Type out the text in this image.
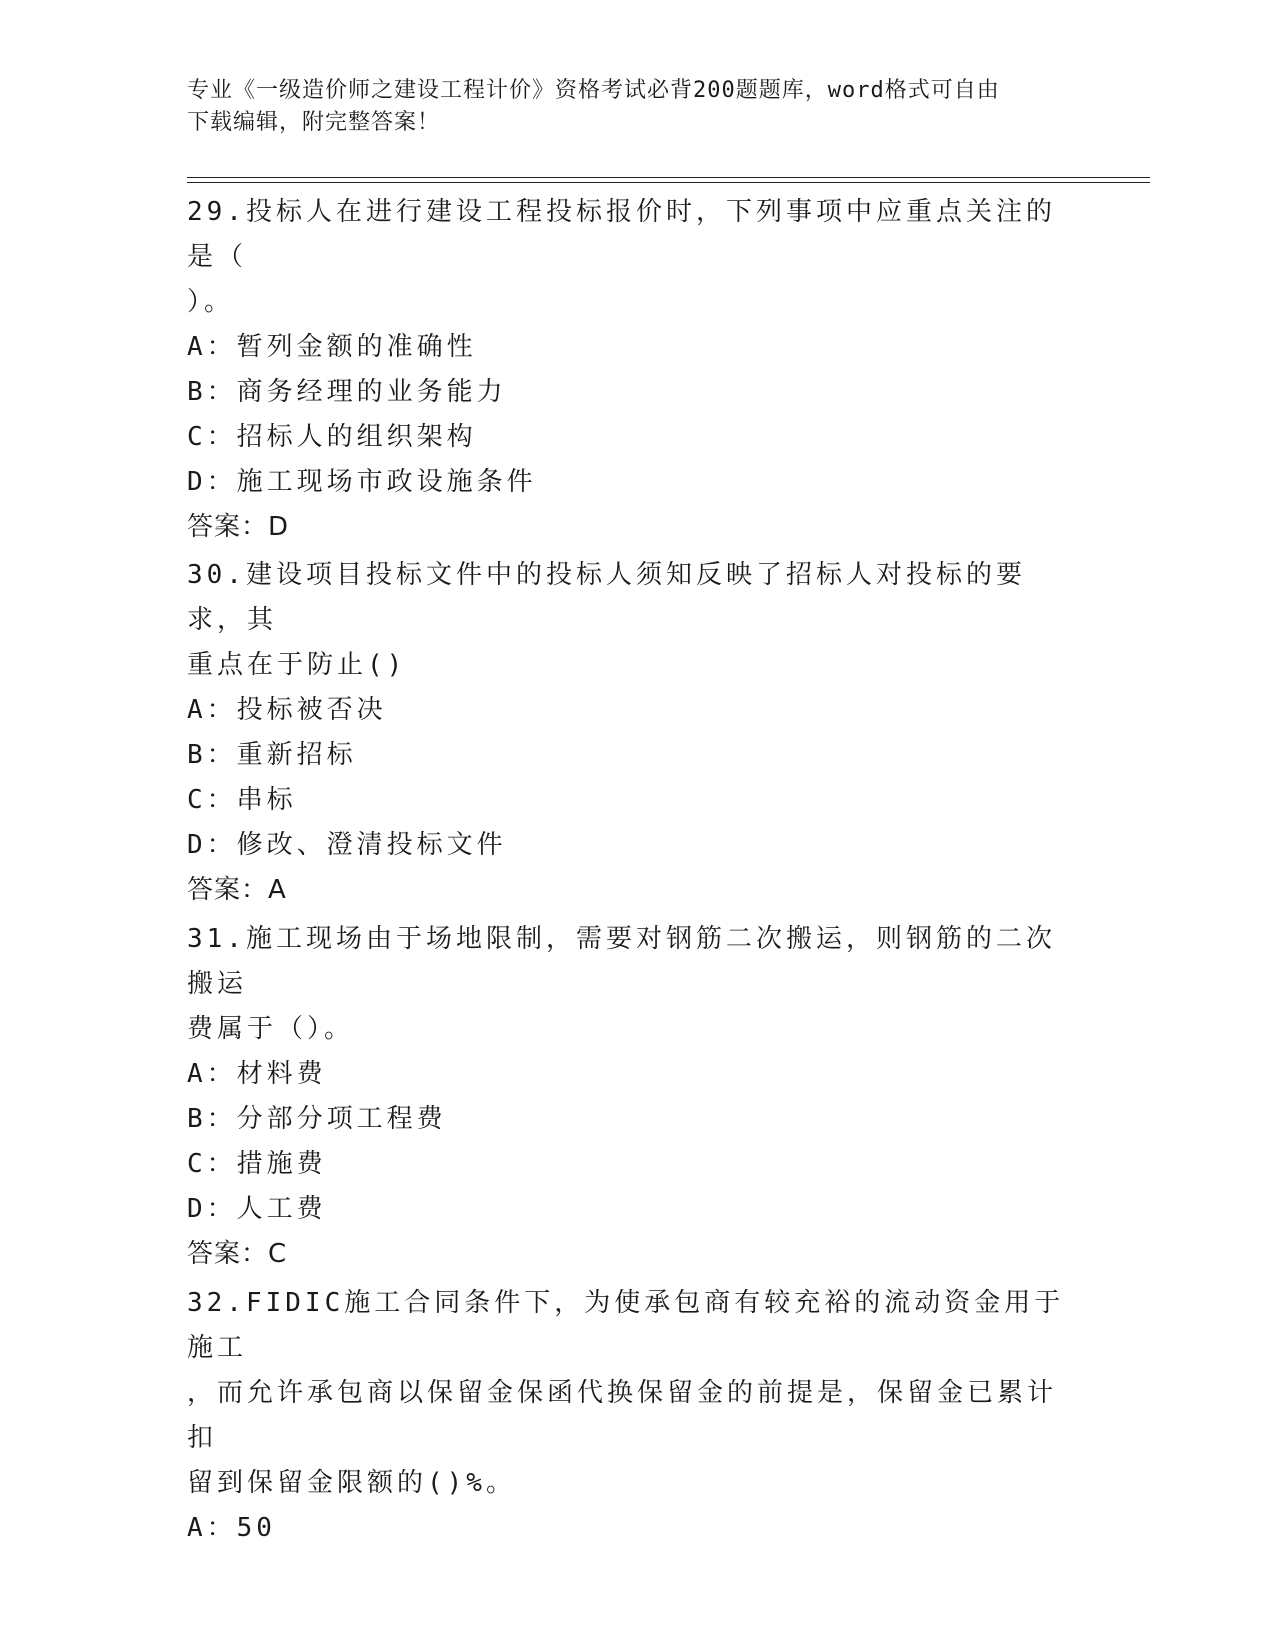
专业《一级造价师之建设工程计价》资格考试必背200题题库，word格式可自由
下载编辑，附完整答案！

29.投标人在进行建设工程投标报价时，下列事项中应重点关注的是（

）。

A：暂列金额的准确性

B：商务经理的业务能力

C：招标人的组织架构

D：施工现场市政设施条件

答案：D

30.建设项目投标文件中的投标人须知反映了招标人对投标的要求，其

重点在于防止()

A：投标被否决

B：重新招标

C：串标

D：修改、澄清投标文件

答案：A

31.施工现场由于场地限制，需要对钢筋二次搬运，则钢筋的二次搬运

费属于（）。

A：材料费

B：分部分项工程费

C：措施费

D：人工费

答案：C

32.FIDIC施工合同条件下，为使承包商有较充裕的流动资金用于施工

，而允许承包商以保留金保函代换保留金的前提是，保留金已累计扣

留到保留金限额的()%。

A：50
